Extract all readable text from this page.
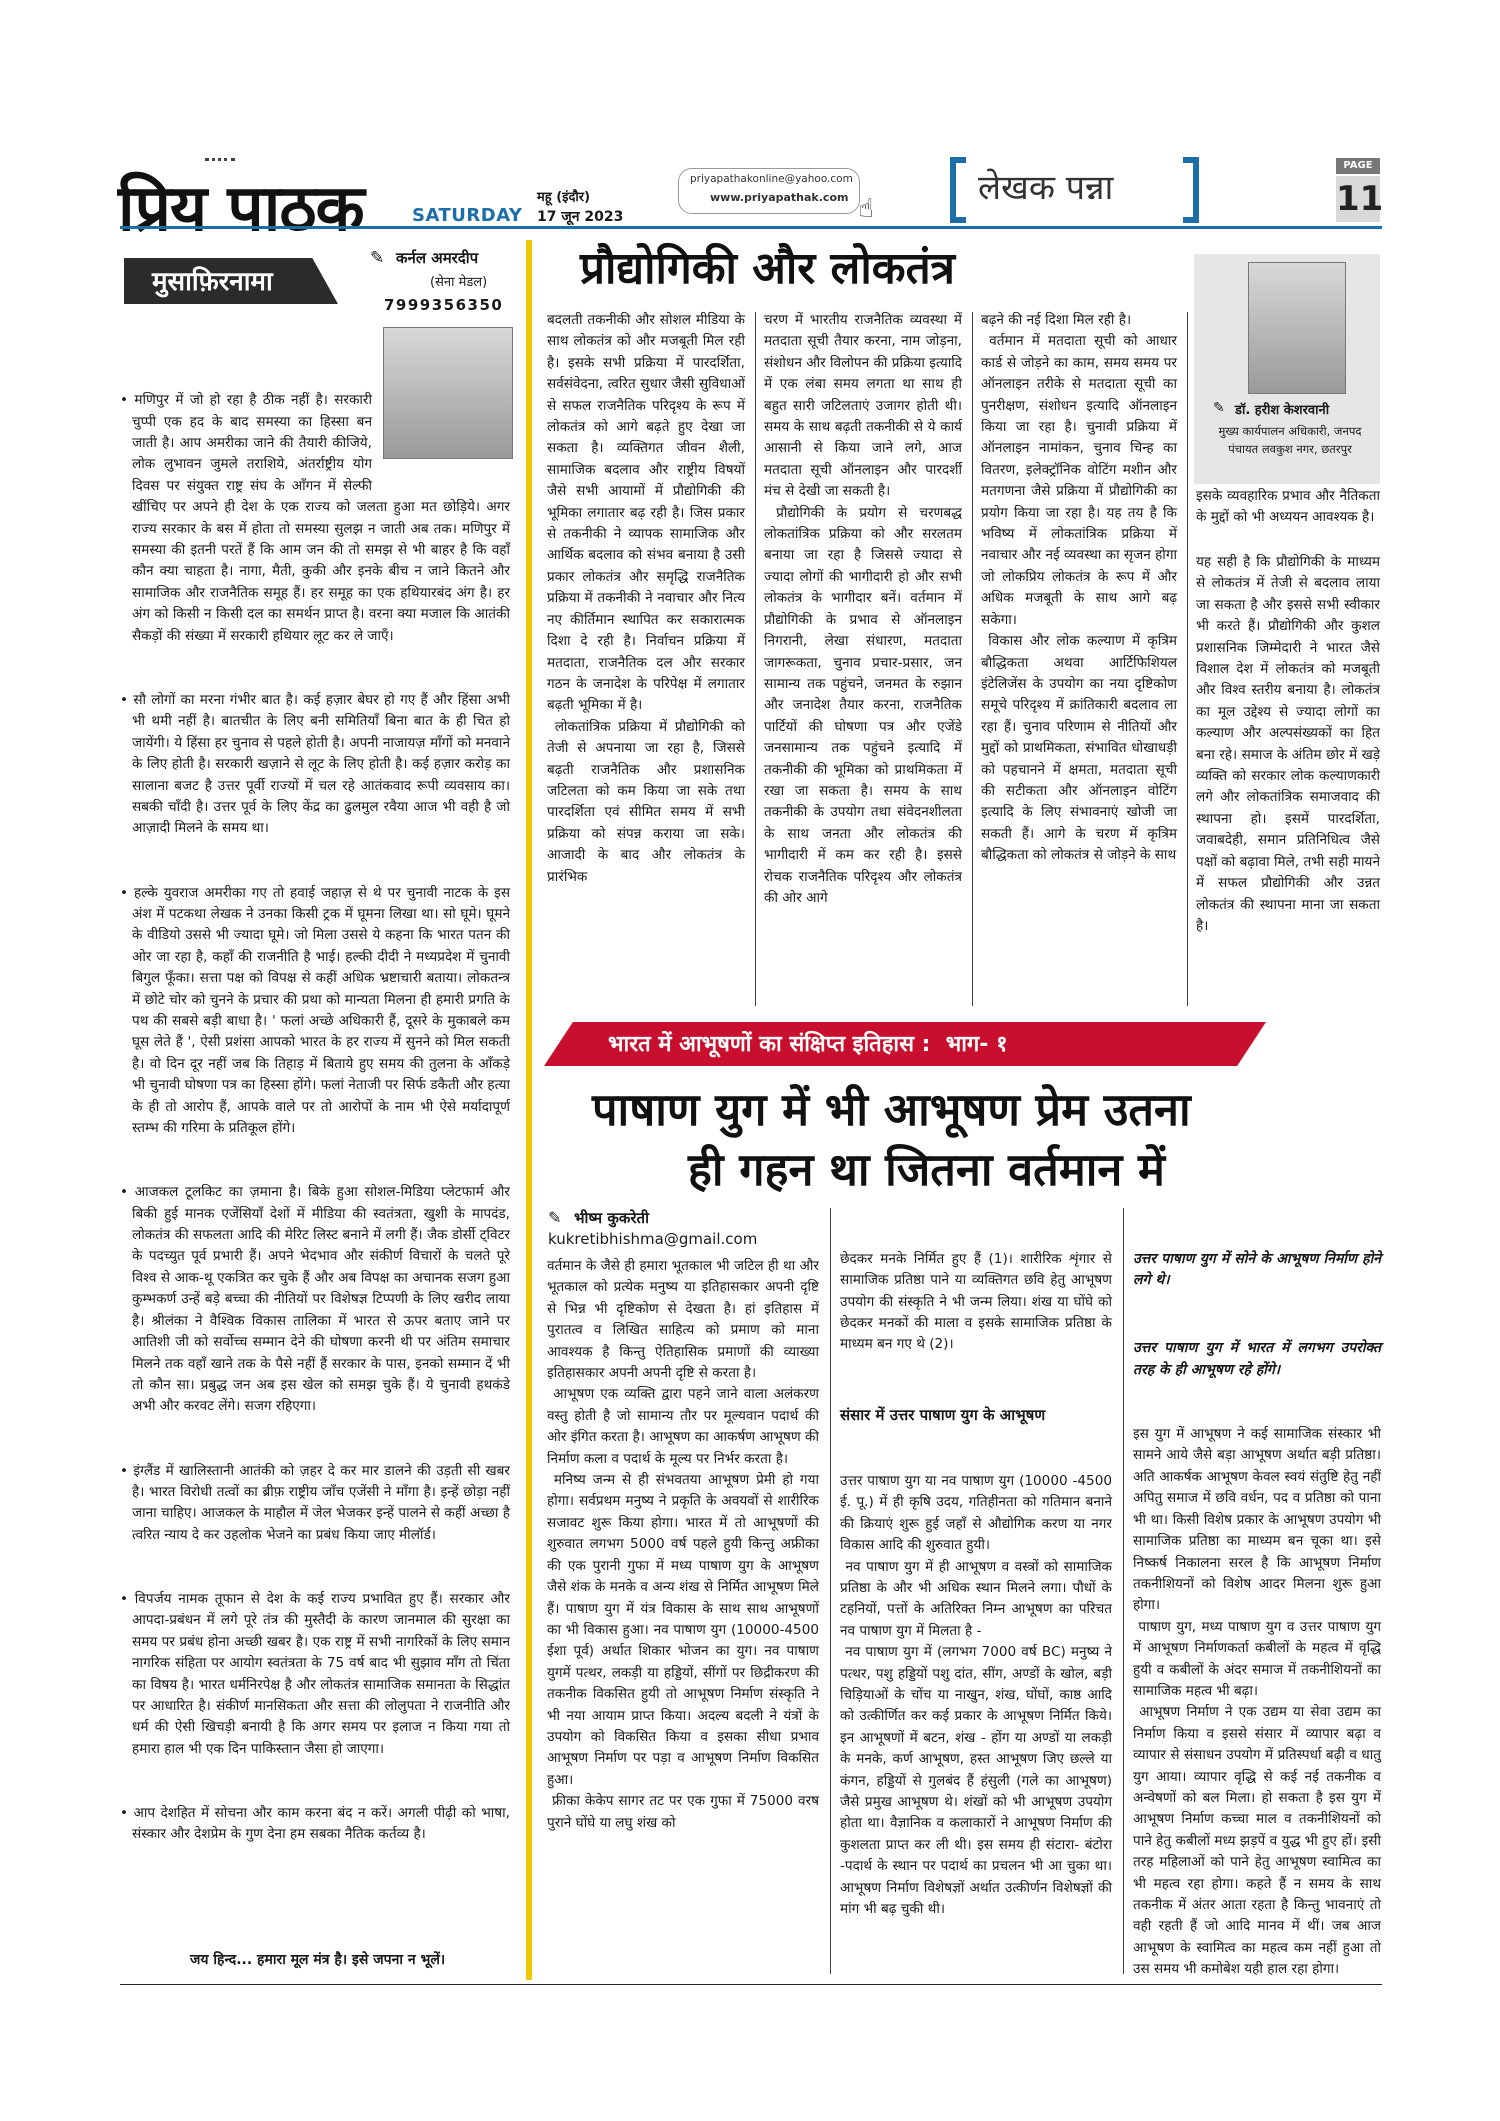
प्रिय पाठक	SATURDAY
महू (इंदौर)
17 जून 2023
priyapathakonline@yahoo.com
www.priyapathak.com ☝
लेखक पन्ना
PAGE
11
मुसाफ़िरनामा
✎ कर्नल अमरदीप
(सेना मेडल)
7999356350

• मणिपुर में जो हो रहा है ठीक नहीं है। सरकारी चुप्पी एक हद के बाद समस्या का हिस्सा बन जाती है। आप अमरीका जाने की तैयारी कीजिये, लोक लुभावन जुमले तराशिये, अंतर्राष्ट्रीय योग दिवस पर संयुक्त राष्ट्र संघ के आँगन में सेल्फी खींचिए पर अपने ही देश के एक राज्य को जलता हुआ मत छोड़िये। अगर राज्य सरकार के बस में होता तो समस्या सुलझ न जाती अब तक। मणिपुर में समस्या की इतनी परतें हैं कि आम जन की तो समझ से भी बाहर है कि वहाँ कौन क्या चाहता है। नागा, मैती, कुकी और इनके बीच न जाने कितने और सामाजिक और राजनैतिक समूह हैं। हर समूह का एक हथियारबंद अंग है। हर अंग को किसी न किसी दल का समर्थन प्राप्त है। वरना क्या मजाल कि आतंकी सैकड़ों की संख्या में सरकारी हथियार लूट कर ले जाएँ।

• सौ लोगों का मरना गंभीर बात है। कई हज़ार बेघर हो गए हैं और हिंसा अभी भी थमी नहीं है। बातचीत के लिए बनी समितियाँ बिना बात के ही चित हो जायेंगी। ये हिंसा हर चुनाव से पहले होती है। अपनी नाजायज़ माँगों को मनवाने के लिए होती है। सरकारी खज़ाने से लूट के लिए होती है। कई हज़ार करोड़ का सालाना बजट है उत्तर पूर्वी राज्यों में चल रहे आतंकवाद रूपी व्यवसाय का। सबकी चाँदी है। उत्तर पूर्व के लिए केंद्र का ढुलमुल रवैया आज भी वही है जो आज़ादी मिलने के समय था।

• हल्के युवराज अमरीका गए तो हवाई जहाज़ से थे पर चुनावी नाटक के इस अंश में पटकथा लेखक ने उनका किसी ट्रक में घूमना लिखा था। सो घूमे। घूमने के वीडियो उससे भी ज्यादा घूमे। जो मिला उससे ये कहना कि भारत पतन की ओर जा रहा है, कहाँ की राजनीति है भाई। हल्की दीदी ने मध्यप्रदेश में चुनावी बिगुल फूँका। सत्ता पक्ष को विपक्ष से कहीं अधिक भ्रष्टाचारी बताया। लोकतन्त्र में छोटे चोर को चुनने के प्रचार की प्रथा को मान्यता मिलना ही हमारी प्रगति के पथ की सबसे बड़ी बाधा है। ' फलां अच्छे अधिकारी हैं, दूसरे के मुकाबले कम घूस लेते हैं ', ऐसी प्रशंसा आपको भारत के हर राज्य में सुनने को मिल सकती है। वो दिन दूर नहीं जब कि तिहाड़ में बिताये हुए समय की तुलना के आँकड़े भी चुनावी घोषणा पत्र का हिस्सा होंगे। फलां नेताजी पर सिर्फ डकैती और हत्या के ही तो आरोप हैं, आपके वाले पर तो आरोपों के नाम भी ऐसे मर्यादापूर्ण स्तम्भ की गरिमा के प्रतिकूल होंगे।

• आजकल टूलकिट का ज़माना है। बिके हुआ सोशल-मिडिया प्लेटफार्म और बिकी हुई मानक एजेंसियाँ देशों में मीडिया की स्वतंत्रता, खुशी के मापदंड, लोकतंत्र की सफलता आदि की मेरिट लिस्ट बनाने में लगी हैं। जैक डोर्सी ट्विटर के पदच्युत पूर्व प्रभारी हैं। अपने भेदभाव और संकीर्ण विचारों के चलते पूरे विश्व से आक-थू एकत्रित कर चुके हैं और अब विपक्ष का अचानक सजग हुआ कुम्भकर्ण उन्हें बड़े बच्चा की नीतियों पर विशेषज्ञ टिप्पणी के लिए खरीद लाया है। श्रीलंका ने वैश्विक विकास तालिका में भारत से ऊपर बताए जाने पर आतिशी जी को सर्वोच्च सम्मान देने की घोषणा करनी थी पर अंतिम समाचार मिलने तक वहाँ खाने तक के पैसे नहीं हैं सरकार के पास, इनको सम्मान दें भी तो कौन सा। प्रबुद्ध जन अब इस खेल को समझ चुके हैं। ये चुनावी हथकंडे अभी और करवट लेंगे। सजग रहिएगा।

• इंग्लैंड में खालिस्तानी आतंकी को ज़हर दे कर मार डालने की उड़ती सी खबर है। भारत विरोधी तत्वों का ब्रीफ़ राष्ट्रीय जाँच एजेंसी ने माँगा है। इन्हें छोड़ा नहीं जाना चाहिए। आजकल के माहौल में जेल भेजकर इन्हें पालने से कहीं अच्छा है त्वरित न्याय दे कर उहलोक भेजने का प्रबंध किया जाए मीलॉर्ड।

• विपर्जय नामक तूफान से देश के कई राज्य प्रभावित हुए हैं। सरकार और आपदा-प्रबंधन में लगे पूरे तंत्र की मुस्तैदी के कारण जानमाल की सुरक्षा का समय पर प्रबंध होना अच्छी खबर है। एक राष्ट्र में सभी नागरिकों के लिए समान नागरिक संहिता पर आयोग स्वतंत्रता के 75 वर्ष बाद भी सुझाव माँग तो चिंता का विषय है। भारत धर्मनिरपेक्ष है और लोकतंत्र सामाजिक समानता के सिद्धांत पर आधारित है। संकीर्ण मानसिकता और सत्ता की लोलुपता ने राजनीति और धर्म की ऐसी खिचड़ी बनायी है कि अगर समय पर इलाज न किया गया तो हमारा हाल भी एक दिन पाकिस्तान जैसा हो जाएगा।

• आप देशहित में सोचना और काम करना बंद न करें। अगली पीढ़ी को भाषा, संस्कार और देशप्रेम के गुण देना हम सबका नैतिक कर्तव्य है।

जय हिन्द... हमारा मूल मंत्र है। इसे जपना न भूलें।
प्रौद्योगिकी और लोकतंत्र
बदलती तकनीकी और सोशल मीडिया के साथ लोकतंत्र को और मजबूती मिल रही है। इसके सभी प्रक्रिया में पारदर्शिता, सर्वसंवेदना, त्वरित सुधार जैसी सुविधाओं से सफल राजनैतिक परिदृश्य के रूप में लोकतंत्र को आगे बढ़ते हुए देखा जा सकता है। व्यक्तिगत जीवन शैली, सामाजिक बदलाव और राष्ट्रीय विषयों जैसे सभी आयामों में प्रौद्योगिकी की भूमिका लगातार बढ़ रही है। जिस प्रकार से तकनीकी ने व्यापक सामाजिक और आर्थिक बदलाव को संभव बनाया है उसी प्रकार लोकतंत्र और समृद्धि राजनैतिक प्रक्रिया में तकनीकी ने नवाचार और नित्य नए कीर्तिमान स्थापित कर सकारात्मक दिशा दे रही है। निर्वाचन प्रक्रिया में मतदाता, राजनैतिक दल और सरकार गठन के जनादेश के परिपेक्ष में लगातार बढ़ती भूमिका में है।
लोकतांत्रिक प्रक्रिया में प्रौद्योगिकी को तेजी से अपनाया जा रहा है, जिससे बढ़ती राजनैतिक और प्रशासनिक जटिलता को कम किया जा सके तथा पारदर्शिता एवं सीमित समय में सभी प्रक्रिया को संपन्न कराया जा सके। आजादी के बाद और लोकतंत्र के प्रारंभिक
चरण में भारतीय राजनैतिक व्यवस्था में मतदाता सूची तैयार करना, नाम जोड़ना, संशोधन और विलोपन की प्रक्रिया इत्यादि में एक लंबा समय लगता था साथ ही बहुत सारी जटिलताएं उजागर होती थी। समय के साथ बढ़ती तकनीकी से ये कार्य आसानी से किया जाने लगे, आज मतदाता सूची ऑनलाइन और पारदर्शी मंच से देखी जा सकती है।
प्रौद्योगिकी के प्रयोग से चरणबद्ध लोकतांत्रिक प्रक्रिया को और सरलतम बनाया जा रहा है जिससे ज्यादा से ज्यादा लोगों की भागीदारी हो और सभी लोकतंत्र के भागीदार बनें। वर्तमान में प्रौद्योगिकी के प्रभाव से ऑनलाइन निगरानी, लेखा संधारण, मतदाता जागरूकता, चुनाव प्रचार-प्रसार, जन सामान्य तक पहुंचने, जनमत के रुझान और जनादेश तैयार करना, राजनैतिक पार्टियों की घोषणा पत्र और एजेंडे जनसामान्य तक पहुंचने इत्यादि में तकनीकी की भूमिका को प्राथमिकता में रखा जा सकता है। समय के साथ तकनीकी के उपयोग तथा संवेदनशीलता के साथ जनता और लोकतंत्र की भागीदारी में कम कर रही है। इससे रोचक राजनैतिक परिदृश्य और लोकतंत्र की ओर आगे
बढ़ने की नई दिशा मिल रही है।
वर्तमान में मतदाता सूची को आधार कार्ड से जोड़ने का काम, समय समय पर ऑनलाइन तरीके से मतदाता सूची का पुनरीक्षण, संशोधन इत्यादि ऑनलाइन किया जा रहा है। चुनावी प्रक्रिया में ऑनलाइन नामांकन, चुनाव चिन्ह का वितरण, इलेक्ट्रॉनिक वोटिंग मशीन और मतगणना जैसे प्रक्रिया में प्रौद्योगिकी का प्रयोग किया जा रहा है। यह तय है कि भविष्य में लोकतांत्रिक प्रक्रिया में नवाचार और नई व्यवस्था का सृजन होगा जो लोकप्रिय लोकतंत्र के रूप में और अधिक मजबूती के साथ आगे बढ़ सकेगा।
विकास और लोक कल्याण में कृत्रिम बौद्धिकता अथवा आर्टिफिशियल इंटेलिजेंस के उपयोग का नया दृष्टिकोण समूचे परिदृश्य में क्रांतिकारी बदलाव ला रहा हैं। चुनाव परिणाम से नीतियों और मुद्दों को प्राथमिकता, संभावित धोखाधड़ी को पहचानने में क्षमता, मतदाता सूची की सटीकता और ऑनलाइन वोटिंग इत्यादि के लिए संभावनाएं खोजी जा सकती हैं। आगे के चरण में कृत्रिम बौद्धिकता को लोकतंत्र से जोड़ने के साथ
✎ डॉ. हरीश केशरवानी
मुख्य कार्यपालन अधिकारी, जनपद पंचायत लवकुश नगर, छतरपुर
इसके व्यवहारिक प्रभाव और नैतिकता के मुद्दों को भी अध्ययन आवश्यक है।
यह सही है कि प्रौद्योगिकी के माध्यम से लोकतंत्र में तेजी से बदलाव लाया जा सकता है और इससे सभी स्वीकार भी करते हैं। प्रौद्योगिकी और कुशल प्रशासनिक जिम्मेदारी ने भारत जैसे विशाल देश में लोकतंत्र को मजबूती और विश्व स्तरीय बनाया है। लोकतंत्र का मूल उद्देश्य से ज्यादा लोगों का कल्याण और अल्पसंख्यकों का हित बना रहे। समाज के अंतिम छोर में खड़े व्यक्ति को सरकार लोक कल्याणकारी लगे और लोकतांत्रिक समाजवाद की स्थापना हो। इसमें पारदर्शिता, जवाबदेही, समान प्रतिनिधित्व जैसे पक्षों को बढ़ावा मिले, तभी सही मायने में सफल प्रौद्योगिकी और उन्नत लोकतंत्र की स्थापना माना जा सकता है।
भारत में आभूषणों का संक्षिप्त इतिहास :  भाग- १
पाषाण युग में भी आभूषण प्रेम उतना
ही गहन था जितना वर्तमान में
✎ भीष्म कुकरेती
kukretibhishma@gmail.com
वर्तमान के जैसे ही हमारा भूतकाल भी जटिल ही था और भूतकाल को प्रत्येक मनुष्य या इतिहासकार अपनी दृष्टि से भिन्न भी दृष्टिकोण से देखता है। हां इतिहास में पुरातत्व व लिखित साहित्य को प्रमाण को माना आवश्यक है किन्तु ऐतिहासिक प्रमाणों की व्याख्या इतिहासकार अपनी अपनी दृष्टि से करता है।
आभूषण एक व्यक्ति द्वारा पहने जाने वाला अलंकरण वस्तु होती है जो सामान्य तौर पर मूल्यवान पदार्थ की ओर इंगित करता है। आभूषण का आकर्षण आभूषण की निर्माण कला व पदार्थ के मूल्य पर निर्भर करता है।
मनिष्य जन्म से ही संभवतया आभूषण प्रेमी हो गया होगा। सर्वप्रथम मनुष्य ने प्रकृति के अवयवों से शारीरिक सजावट शुरू किया होगा। भारत में तो आभूषणों की शुरुवात लगभग 5000 वर्ष पहले हुयी किन्तु अफ्रीका की एक पुरानी गुफा में मध्य पाषाण युग के आभूषण जैसे शंक के मनके व अन्य शंख से निर्मित आभूषण मिले हैं। पाषाण युग में यंत्र विकास के साथ साथ आभूषणों का भी विकास हुआ। नव पाषाण युग (10000-4500 ईशा पूर्व) अर्थात शिकार भोजन का युग। नव पाषाण युगमें पत्थर, लकड़ी या हड्डियों, सींगों पर छिद्रीकरण की तकनीक विकसित हुयी तो आभूषण निर्माण संस्कृति ने भी नया आयाम प्राप्त किया। अदल्य बदली ने यंत्रों के उपयोग को विकसित किया व इसका सीधा प्रभाव आभूषण निर्माण पर पड़ा व आभूषण निर्माण विकसित हुआ।
फ्रीका केकेप सागर तट पर एक गुफा में 75000 वरष पुराने घोंघे या लघु शंख को

छेदकर मनके निर्मित हुए हैं (1)। शारीरिक शृंगार से सामाजिक प्रतिष्ठा पाने या व्यक्तिगत छवि हेतु आभूषण उपयोग की संस्कृति ने भी जन्म लिया। शंख या घोंघे को छेदकर मनकों की माला व इसके सामाजिक प्रतिष्ठा के माध्यम बन गए थे (2)।

संसार में उत्तर पाषाण युग के आभूषण

उत्तर पाषाण युग या नव पाषाण युग (10000 -4500 ई. पू.) में ही कृषि उदय, गतिहीनता को गतिमान बनाने की क्रियाएं शुरू हुई जहाँ से औद्योगिक करण या नगर विकास आदि की शुरुवात हुयी।
नव पाषाण युग में ही आभूषण व वस्त्रों को सामाजिक प्रतिष्ठा के और भी अधिक स्थान मिलने लगा। पौधों के टहनियों, पत्तों के अतिरिक्त निम्न आभूषण का परिचत नव पाषाण युग में मिलता है -
नव पाषाण युग में (लगभग 7000 वर्ष BC) मनुष्य ने पत्थर, पशु हड्डियों पशु दांत, सींग, अण्डों के खोल, बड़ी चिड़ियाओं के चोंच या नाखुन, शंख, घोंघों, काष्ठ आदि को उत्कीर्णित कर कई प्रकार के आभूषण निर्मित किये। इन आभूषणों में बटन, शंख - होंग या अण्डों या लकड़ी के मनके, कर्ण आभूषण, हस्त आभूषण जिए छल्ले या कंगन, हड्डियों से गुलबंद हैं हंसुली (गले का आभूषण) जैसे प्रमुख आभूषण थे। शंखों को भी आभूषण उपयोग होता था। वैज्ञानिक व कलाकारों ने आभूषण निर्माण की कुशलता प्राप्त कर ली थी। इस समय ही संटारा- बंटोरा -पदार्थ के स्थान पर पदार्थ का प्रचलन भी आ चुका था। आभूषण निर्माण विशेषज्ञों अर्थात उत्कीर्णन विशेषज्ञों की मांग भी बढ़ चुकी थी।

उत्तर पाषाण युग में सोने के आभूषण निर्माण होने लगे थे।

उत्तर पाषाण युग में भारत में लगभग उपरोक्त तरह के ही आभूषण रहे होंगे।

इस युग में आभूषण ने कई सामाजिक संस्कार भी सामने आये जैसे बड़ा आभूषण अर्थात बड़ी प्रतिष्ठा। अति आकर्षक आभूषण केवल स्वयं संतुष्टि हेतु नहीं अपितु समाज में छवि वर्धन, पद व प्रतिष्ठा को पाना भी था। किसी विशेष प्रकार के आभूषण उपयोग भी सामाजिक प्रतिष्ठा का माध्यम बन चूका था। इसे निष्कर्ष निकालना सरल है कि आभूषण निर्माण तकनीशियनों को विशेष आदर मिलना शुरू हुआ होगा।
पाषाण युग, मध्य पाषाण युग व उत्तर पाषाण युग में आभूषण निर्माणकर्ता कबीलों के महत्व में वृद्धि हुयी व कबीलों के अंदर समाज में तकनीशियनों का सामाजिक महत्व भी बढ़ा।
आभूषण निर्माण ने एक उद्यम या सेवा उद्यम का निर्माण किया व इससे संसार में व्यापार बढ़ा व व्यापार से संसाधन उपयोग में प्रतिस्पर्धा बढ़ी व धातु युग आया। व्यापार वृद्धि से कई नई तकनीक व अन्वेषणों को बल मिला। हो सकता है इस युग में आभूषण निर्माण कच्चा माल व तकनीशियनों को पाने हेतु कबीलों मध्य झड़पें व युद्ध भी हुए हों। इसी तरह महिलाओं को पाने हेतु आभूषण स्वामित्व का भी महत्व रहा होगा। कहते हैं न समय के साथ तकनीक में अंतर आता रहता है किन्तु भावनाएं तो वही रहती हैं जो आदि मानव में थीं। जब आज आभूषण के स्वामित्व का महत्व कम नहीं हुआ तो उस समय भी कमोबेश यही हाल रहा होगा।
